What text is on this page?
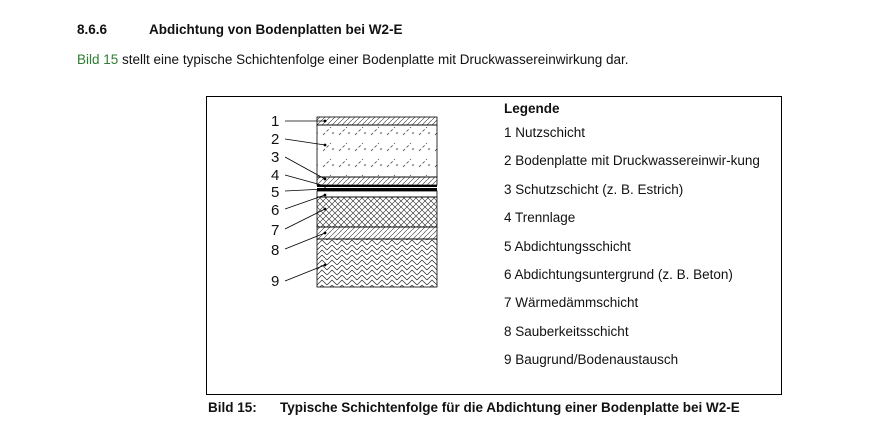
8.6.6	Abdichtung von Bodenplatten bei W2-E
Bild 15 stellt eine typische Schichtenfolge einer Bodenplatte mit Druckwassereinwirkung dar.
1
2
3
4
5
6
7
8
9
Legende
1 Nutzschicht
2 Bodenplatte mit Druckwassereinwir-kung
3 Schutzschicht (z. B. Estrich)
4 Trennlage
5 Abdichtungsschicht
6 Abdichtungsuntergrund (z. B. Beton)
7 Wärmedämmschicht
8 Sauberkeitsschicht
9 Baugrund/Bodenaustausch
Bild 15: Typische Schichtenfolge für die Abdichtung einer Bodenplatte bei W2-E
